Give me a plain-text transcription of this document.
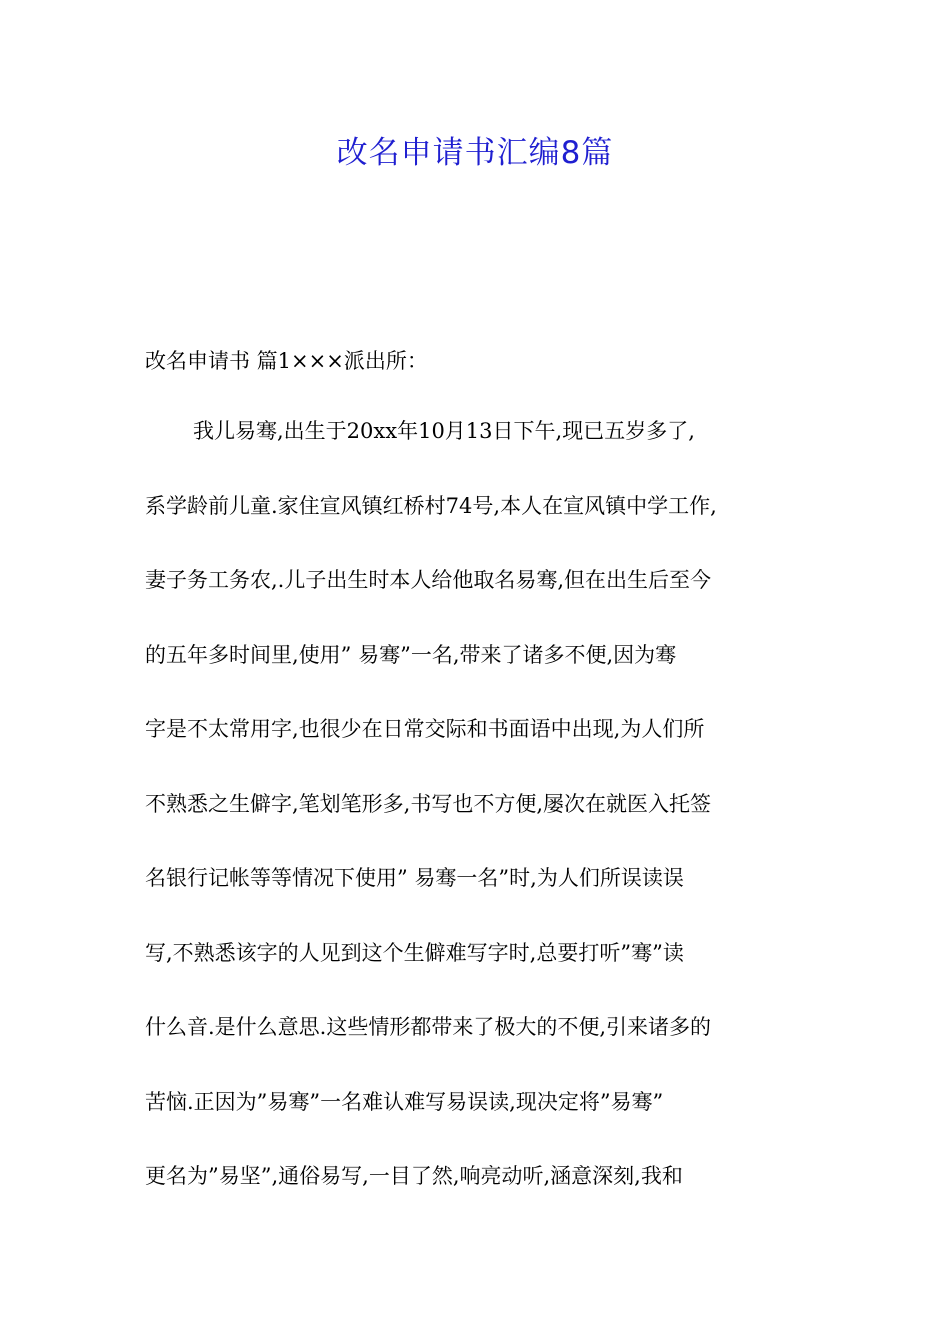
改名申请书汇编8篇
改名申请书 篇1×××派出所：
我儿易骞,出生于20xx年10月13日下午,现已五岁多了,
系学龄前儿童.家住宣风镇红桥村74号,本人在宣风镇中学工作,
妻子务工务农,.儿子出生时本人给他取名易骞,但在出生后至今
的五年多时间里,使用” 易骞”一名,带来了诸多不便,因为骞
字是不太常用字,也很少在日常交际和书面语中出现,为人们所
不熟悉之生僻字,笔划笔形多,书写也不方便,屡次在就医入托签
名银行记帐等等情况下使用” 易骞一名”时,为人们所误读误
写,不熟悉该字的人见到这个生僻难写字时,总要打听”骞”读
什么音.是什么意思.这些情形都带来了极大的不便,引来诸多的
苦恼.正因为”易骞”一名难认难写易误读,现决定将”易骞”
更名为”易坚”,通俗易写,一目了然,响亮动听,涵意深刻,我和
